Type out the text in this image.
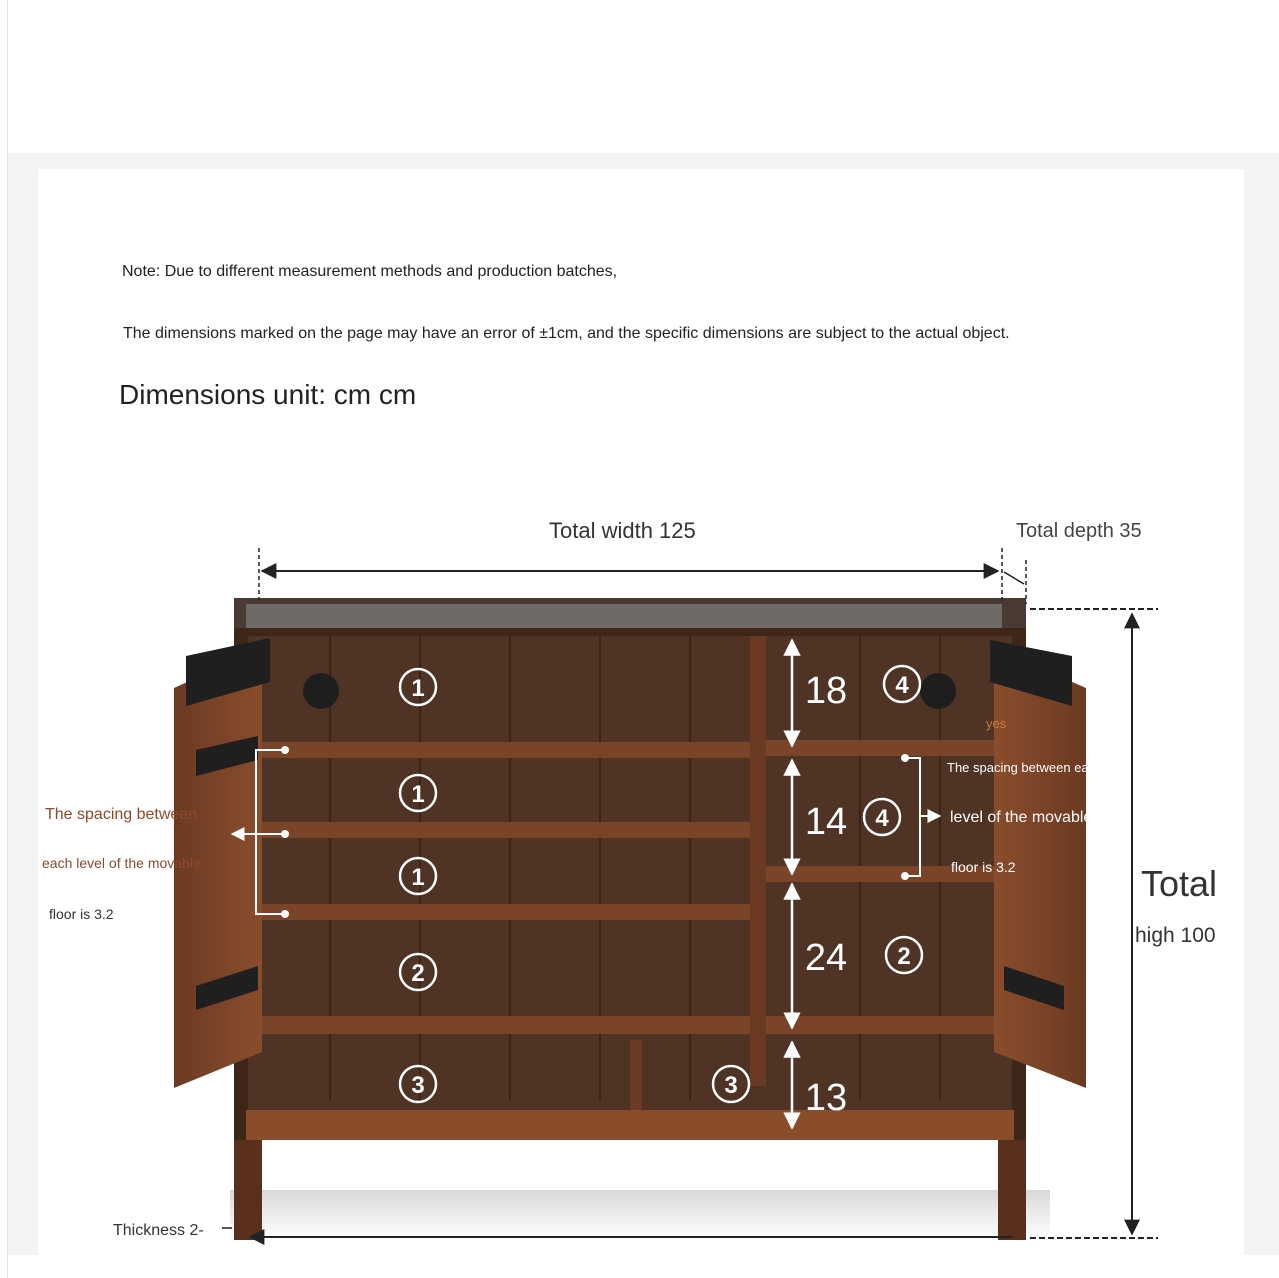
Note: Due to different measurement methods and production batches,
The dimensions marked on the page may have an error of ±1cm, and the specific dimensions are subject to the actual object.
Dimensions unit: cm cm
1
1
1
2
3	3
4
4
2
18
14
24
13
Total width 125	Total depth 35
Total
high 100
Thickness 2-
The spacing between
each level of the movable
floor is 3.2
The spacing between each
level of the movable
floor is 3.2
yes
